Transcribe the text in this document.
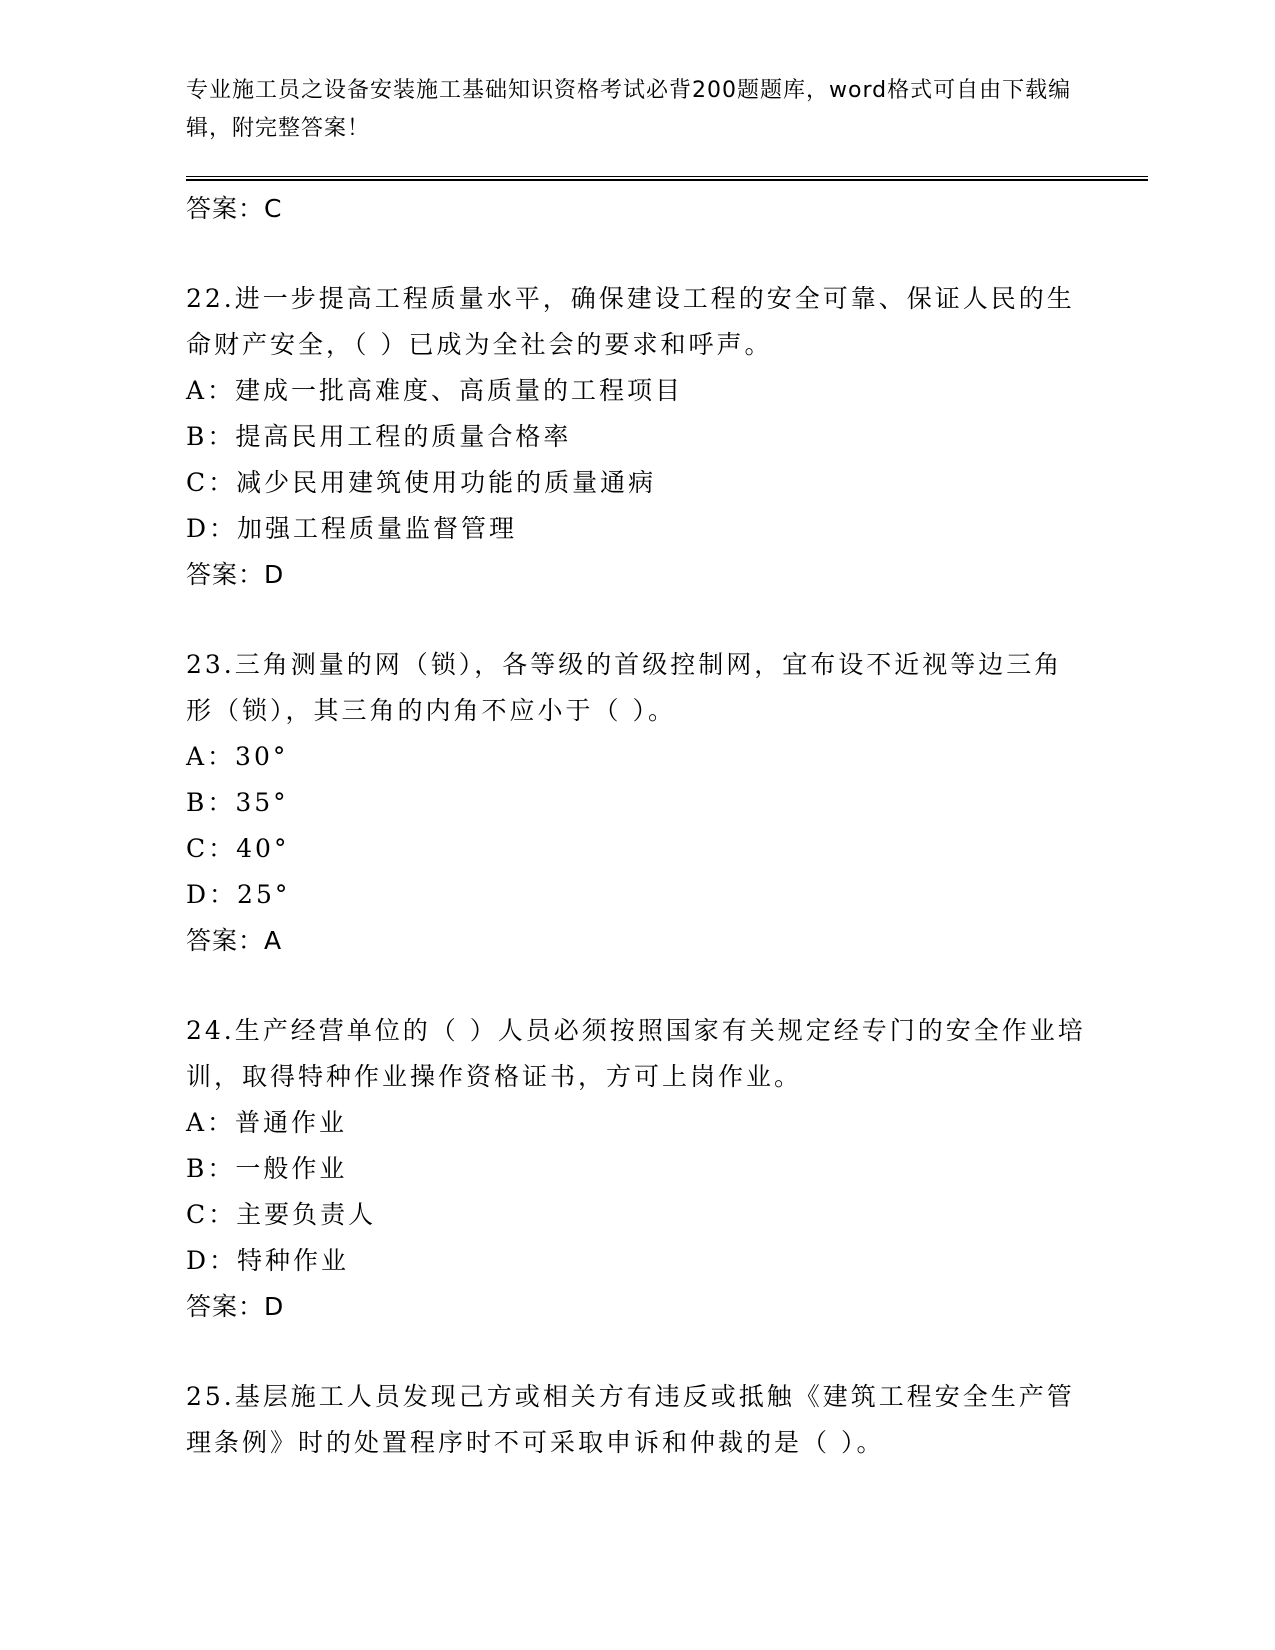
专业施工员之设备安装施工基础知识资格考试必背200题题库，word格式可自由下载编辑，附完整答案！
答案：C
22.进一步提高工程质量水平，确保建设工程的安全可靠、保证人民的生命财产安全，（ ）已成为全社会的要求和呼声。
A：建成一批高难度、高质量的工程项目
B：提高民用工程的质量合格率
C：减少民用建筑使用功能的质量通病
D：加强工程质量监督管理
答案：D
23.三角测量的网（锁），各等级的首级控制网，宜布设不近视等边三角形（锁），其三角的内角不应小于（ ）。
A：30°
B：35°
C：40°
D：25°
答案：A
24.生产经营单位的（ ）人员必须按照国家有关规定经专门的安全作业培训，取得特种作业操作资格证书，方可上岗作业。
A：普通作业
B：一般作业
C：主要负责人
D：特种作业
答案：D
25.基层施工人员发现己方或相关方有违反或抵触《建筑工程安全生产管理条例》时的处置程序时不可采取申诉和仲裁的是（ ）。
